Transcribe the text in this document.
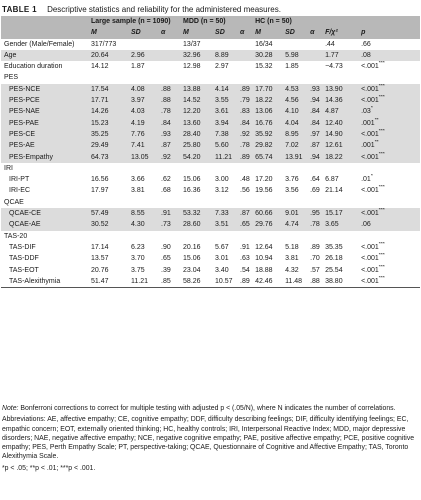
TABLE 1 Descriptive statistics and reliability for the administered measures.
	Large sample (n = 1090)			MDD (n = 50)			HC (n = 50)				
	M	SD	α	M	SD	α	M	SD	α	F/χ²	p
Gender (Male/Female)	317/773			13/37			16/34			.44	.66
Age	20.64	2.96		32.96	8.89		30.28	5.98		1.77	.08
Education duration	14.12	1.87		12.98	2.97		15.32	1.85		−4.73	<.001***
PES											
PES-NCE	17.54	4.08	.88	13.88	4.14	.89	17.70	4.53	.93	13.90	<.001***
PES-PCE	17.71	3.97	.88	14.52	3.55	.79	18.22	4.56	.94	14.36	<.001***
PES-NAE	14.26	4.03	.78	12.20	3.61	.83	13.06	4.10	.84	4.87	.03*
PES-PAE	15.23	4.19	.84	13.60	3.94	.84	16.76	4.04	.84	12.40	.001**
PES-CE	35.25	7.76	.93	28.40	7.38	.92	35.92	8.95	.97	14.90	<.001***
PES-AE	29.49	7.41	.87	25.80	5.60	.78	29.82	7.02	.87	12.61	.001**
PES-Empathy	64.73	13.05	.92	54.20	11.21	.89	65.74	13.91	.94	18.22	<.001***
IRI											
IRI-PT	16.56	3.66	.62	15.06	3.00	.48	17.20	3.76	.64	6.87	.01*
IRI-EC	17.97	3.81	.68	16.36	3.12	.56	19.56	3.56	.69	21.14	<.001***
QCAE											
QCAE-CE	57.49	8.55	.91	53.32	7.33	.87	60.66	9.01	.95	15.17	<.001***
QCAE-AE	30.52	4.30	.73	28.60	3.51	.65	29.76	4.74	.78	3.65	.06
TAS-20											
TAS-DIF	17.14	6.23	.90	20.16	5.67	.91	12.64	5.18	.89	35.35	<.001***
TAS-DDF	13.57	3.70	.65	15.06	3.01	.63	10.94	3.81	.70	26.18	<.001***
TAS-EOT	20.76	3.75	.39	23.04	3.40	.54	18.88	4.32	.57	25.54	<.001***
TAS-Alexithymia	51.47	11.21	.85	58.26	10.57	.89	42.46	11.48	.88	38.80	<.001***

Note: Bonferroni corrections to correct for multiple testing with adjusted p < (.05/N), where N indicates the number of correlations.

Abbreviations: AE, affective empathy; CE, cognitive empathy; DDF, difficulty describing feelings; DIF, difficulty identifying feelings; EC, empathic concern; EOT, externally oriented thinking; HC, healthy controls; IRI, Interpersonal Reactive Index; MDD, major depressive disorders; NAE, negative affective empathy; NCE, negative cognitive empathy; PAE, positive affective empathy; PCE, positive cognitive empathy; PES, Perth Empathy Scale; PT, perspective-taking; QCAE, Questionnaire of Cognitive and Affective Empathy; TAS, Toronto Alexithymia Scale.

*p < .05; **p < .01; ***p < .001.
